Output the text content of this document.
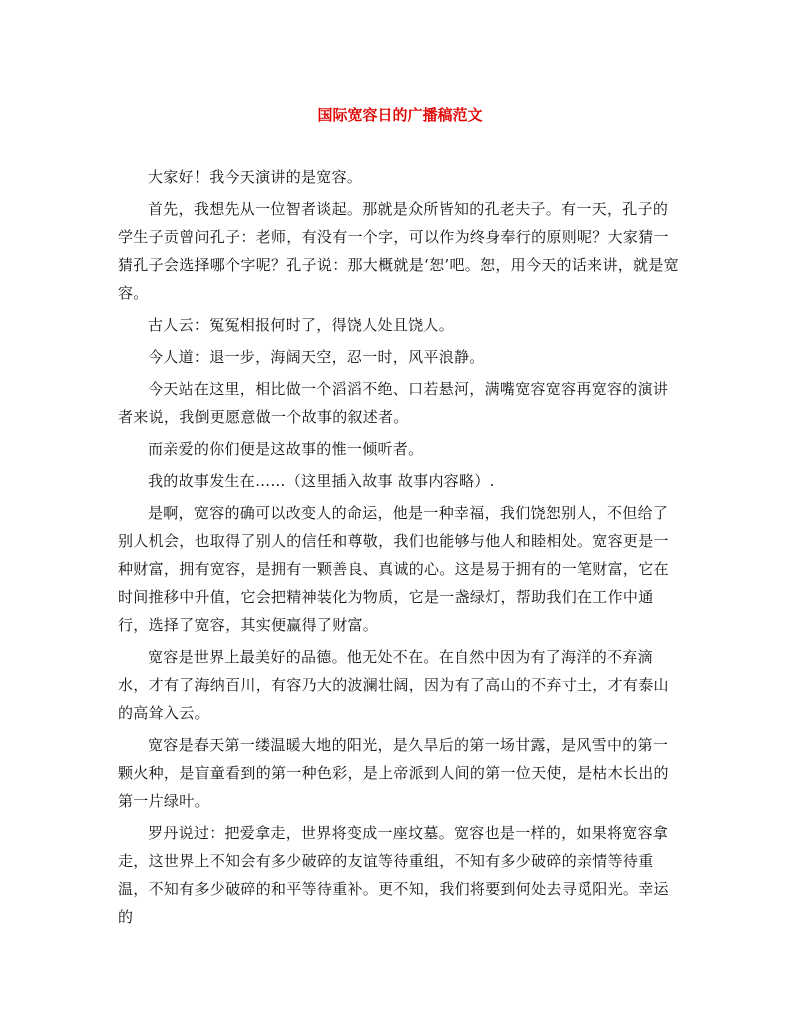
国际宽容日的广播稿范文

大家好！我今天演讲的是宽容。

首先，我想先从一位智者谈起。那就是众所皆知的孔老夫子。有一天，孔子的学生子贡曾问孔子：老师，有没有一个字，可以作为终身奉行的原则呢？大家猜一猜孔子会选择哪个字呢？孔子说：那大概就是‘恕’吧。恕，用今天的话来讲，就是宽容。

古人云：冤冤相报何时了，得饶人处且饶人。

今人道：退一步，海阔天空，忍一时，风平浪静。

今天站在这里，相比做一个滔滔不绝、口若悬河，满嘴宽容宽容再宽容的演讲者来说，我倒更愿意做一个故事的叙述者。

而亲爱的你们便是这故事的惟一倾听者。

我的故事发生在……（这里插入故事 故事内容略）.

是啊，宽容的确可以改变人的命运，他是一种幸福，我们饶恕别人，不但给了别人机会，也取得了别人的信任和尊敬，我们也能够与他人和睦相处。宽容更是一种财富，拥有宽容，是拥有一颗善良、真诚的心。这是易于拥有的一笔财富，它在时间推移中升值，它会把精神装化为物质，它是一盏绿灯，帮助我们在工作中通行，选择了宽容，其实便赢得了财富。

宽容是世界上最美好的品德。他无处不在。在自然中因为有了海洋的不弃滴水，才有了海纳百川，有容乃大的波澜壮阔，因为有了高山的不弃寸土，才有泰山的高耸入云。

宽容是春天第一缕温暖大地的阳光，是久旱后的第一场甘露，是风雪中的第一颗火种，是盲童看到的第一种色彩，是上帝派到人间的第一位天使，是枯木长出的第一片绿叶。

罗丹说过：把爱拿走，世界将变成一座坟墓。宽容也是一样的，如果将宽容拿走，这世界上不知会有多少破碎的友谊等待重组，不知有多少破碎的亲情等待重温，不知有多少破碎的和平等待重补。更不知，我们将要到何处去寻觅阳光。幸运的
